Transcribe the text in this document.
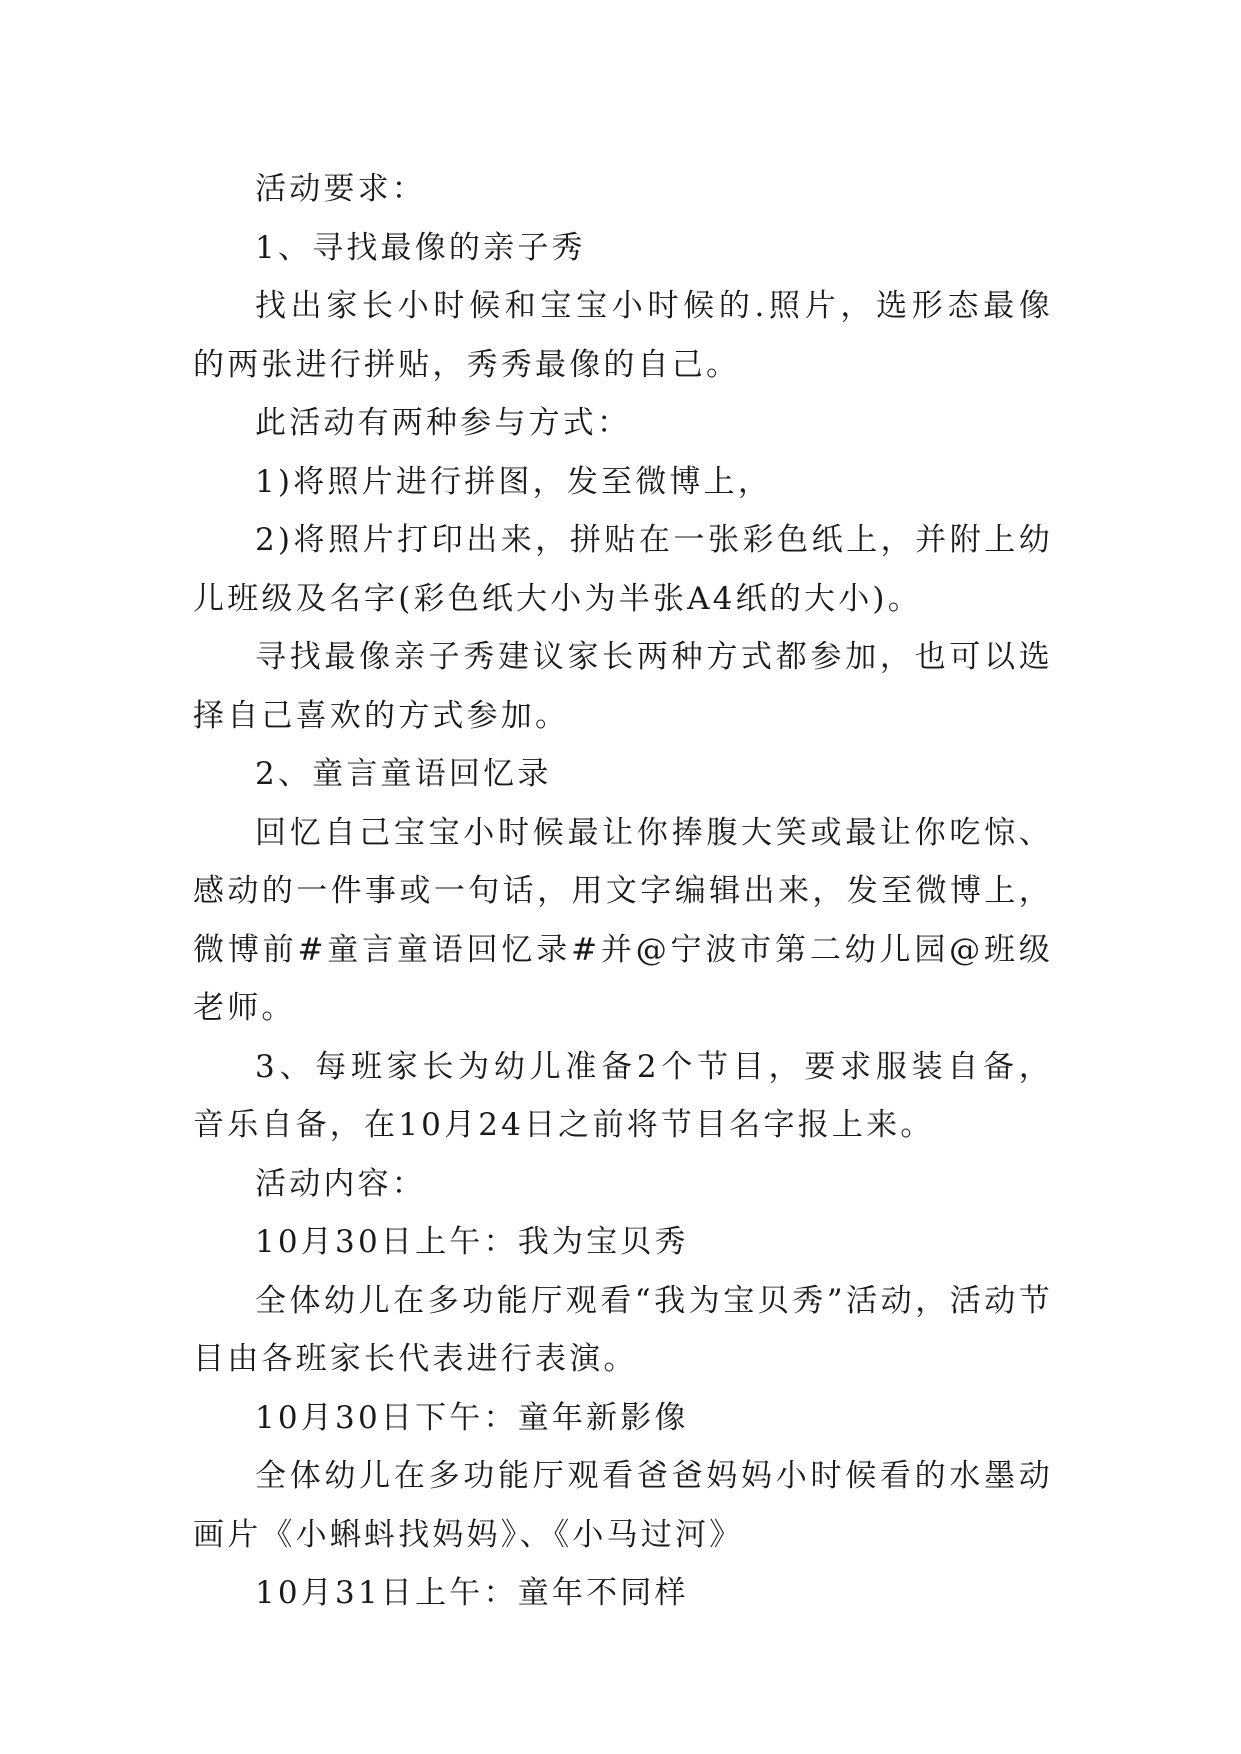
活动要求：

1、寻找最像的亲子秀

找出家长小时候和宝宝小时候的.照片，选形态最像的两张进行拼贴，秀秀最像的自己。

此活动有两种参与方式：

1)将照片进行拼图，发至微博上，

2)将照片打印出来，拼贴在一张彩色纸上，并附上幼儿班级及名字(彩色纸大小为半张A4纸的大小)。

寻找最像亲子秀建议家长两种方式都参加，也可以选择自己喜欢的方式参加。

2、童言童语回忆录

回忆自己宝宝小时候最让你捧腹大笑或最让你吃惊、感动的一件事或一句话，用文字编辑出来，发至微博上，微博前#童言童语回忆录#并@宁波市第二幼儿园@班级老师。

3、每班家长为幼儿准备2个节目，要求服装自备，音乐自备，在10月24日之前将节目名字报上来。

活动内容：

10月30日上午：我为宝贝秀

全体幼儿在多功能厅观看“我为宝贝秀”活动，活动节目由各班家长代表进行表演。

10月30日下午：童年新影像

全体幼儿在多功能厅观看爸爸妈妈小时候看的水墨动画片《小蝌蚪找妈妈》、《小马过河》

10月31日上午：童年不同样
